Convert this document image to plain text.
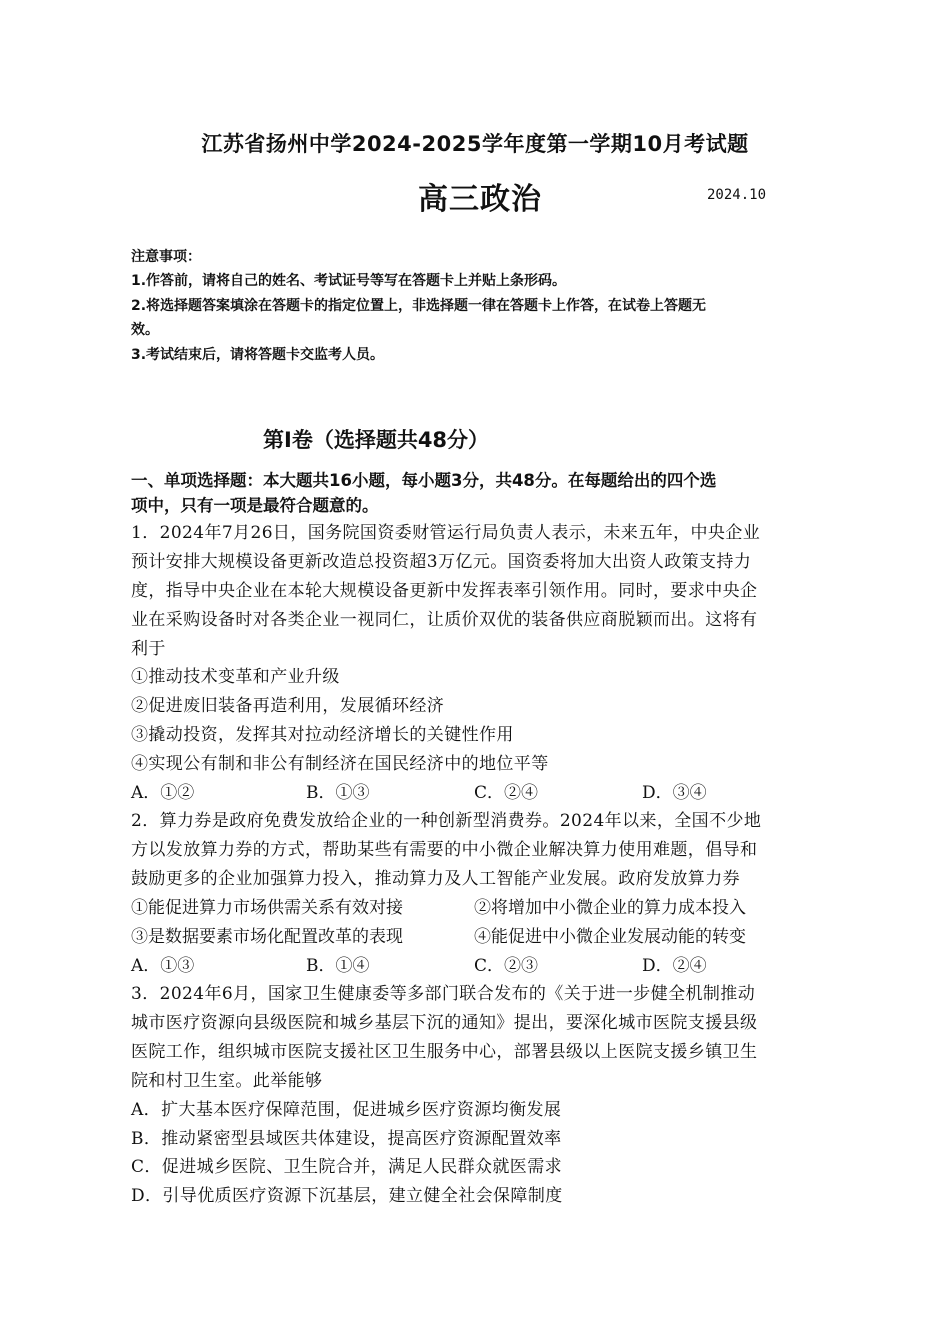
江苏省扬州中学2024-2025学年度第一学期10月考试题
高三政治	2024.10
注意事项：
1.作答前，请将自己的姓名、考试证号等写在答题卡上并贴上条形码。
2.将选择题答案填涂在答题卡的指定位置上，非选择题一律在答题卡上作答，在试卷上答题无
效。
3.考试结束后，请将答题卡交监考人员。
第Ⅰ卷（选择题共48分）
一、单项选择题：本大题共16小题，每小题3分，共48分。在每题给出的四个选
项中，只有一项是最符合题意的。
1．2024年7月26日，国务院国资委财管运行局负责人表示，未来五年，中央企业
预计安排大规模设备更新改造总投资超3万亿元。国资委将加大出资人政策支持力
度，指导中央企业在本轮大规模设备更新中发挥表率引领作用。同时，要求中央企
业在采购设备时对各类企业一视同仁，让质价双优的装备供应商脱颖而出。这将有
利于
①推动技术变革和产业升级
②促进废旧装备再造利用，发展循环经济
③撬动投资，发挥其对拉动经济增长的关键性作用
④实现公有制和非公有制经济在国民经济中的地位平等
A．①②	B．①③	C．②④	D．③④
2．算力券是政府免费发放给企业的一种创新型消费券。2024年以来，全国不少地
方以发放算力券的方式，帮助某些有需要的中小微企业解决算力使用难题，倡导和
鼓励更多的企业加强算力投入，推动算力及人工智能产业发展。政府发放算力券
①能促进算力市场供需关系有效对接	②将增加中小微企业的算力成本投入
③是数据要素市场化配置改革的表现	④能促进中小微企业发展动能的转变
A．①③	B．①④	C．②③	D．②④
3．2024年6月，国家卫生健康委等多部门联合发布的《关于进一步健全机制推动
城市医疗资源向县级医院和城乡基层下沉的通知》提出，要深化城市医院支援县级
医院工作，组织城市医院支援社区卫生服务中心，部署县级以上医院支援乡镇卫生
院和村卫生室。此举能够
A．扩大基本医疗保障范围，促进城乡医疗资源均衡发展
B．推动紧密型县域医共体建设，提高医疗资源配置效率
C．促进城乡医院、卫生院合并，满足人民群众就医需求
D．引导优质医疗资源下沉基层，建立健全社会保障制度
